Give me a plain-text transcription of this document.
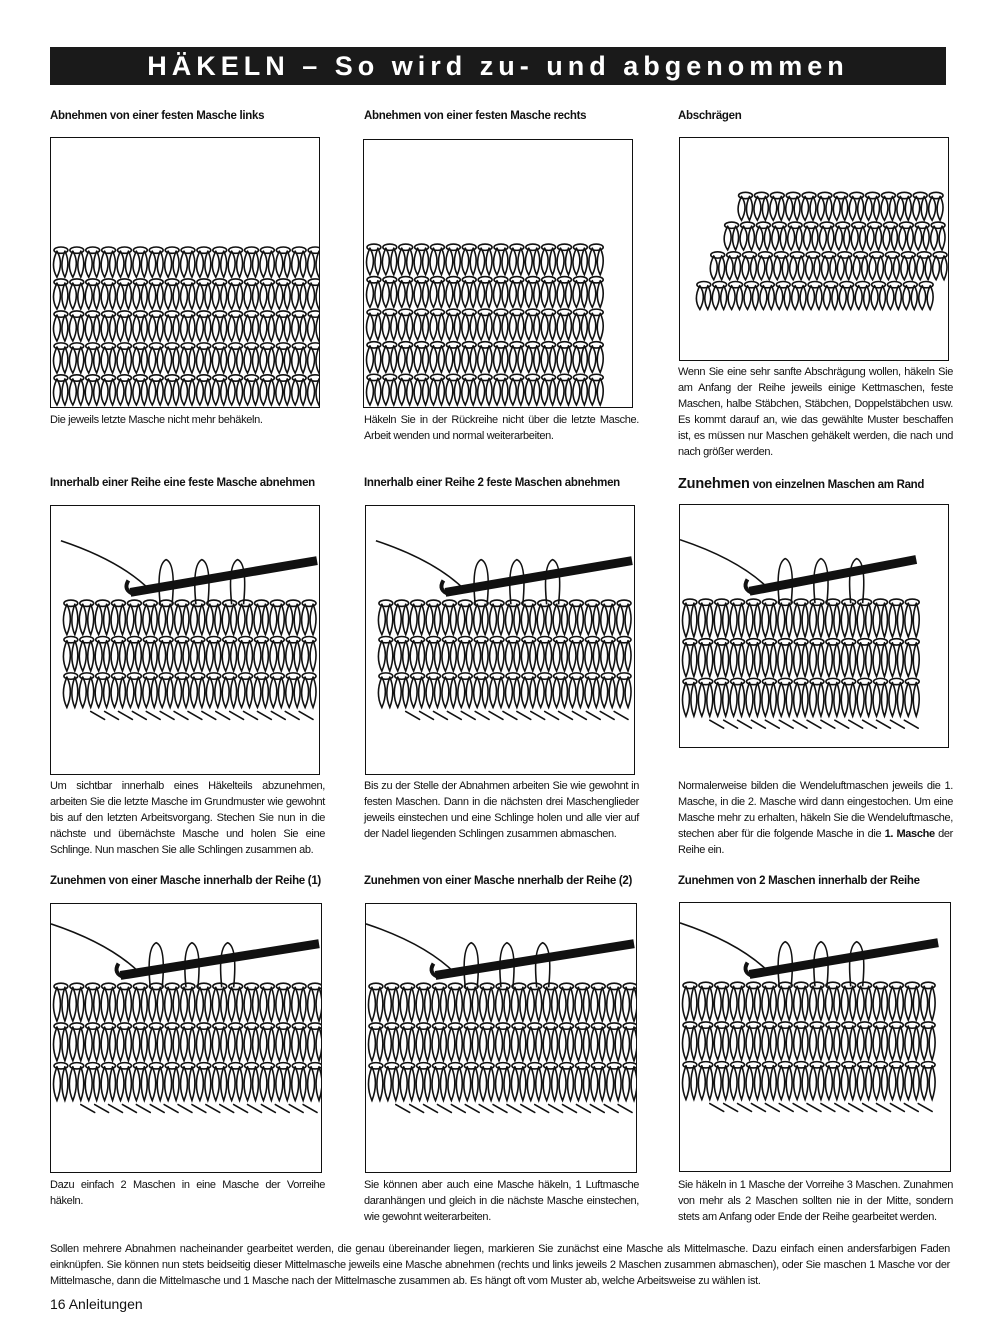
HÄKELN – So wird zu- und abgenommen
Abnehmen von einer festen Masche links
Die jeweils letzte Masche nicht mehr behäkeln.
Abnehmen von einer festen Masche rechts
Häkeln Sie in der Rückreihe nicht über die letzte Masche. Arbeit wenden und normal weiterarbeiten.
Abschrägen
Wenn Sie eine sehr sanfte Abschrägung wollen, häkeln Sie am Anfang der Reihe jeweils einige Kettmaschen, feste Maschen, halbe Stäbchen, Stäbchen, Doppelstäbchen usw. Es kommt darauf an, wie das gewählte Muster beschaffen ist, es müssen nur Maschen gehäkelt werden, die nach und nach größer werden.
Innerhalb einer Reihe eine feste Masche abnehmen
Um sichtbar innerhalb eines Häkelteils abzunehmen, arbeiten Sie die letzte Masche im Grundmuster wie gewohnt bis auf den letzten Arbeitsvorgang. Stechen Sie nun in die nächste und übernächste Masche und holen Sie eine Schlinge. Nun maschen Sie alle Schlingen zusammen ab.
Innerhalb einer Reihe 2 feste Maschen abnehmen
Bis zu der Stelle der Abnahmen arbeiten Sie wie gewohnt in festen Maschen. Dann in die nächsten drei Maschenglieder jeweils einstechen und eine Schlinge holen und alle vier auf der Nadel liegenden Schlingen zusammen abmaschen.
Zunehmen von einzelnen Maschen am Rand
Normalerweise bilden die Wendeluftmaschen jeweils die 1. Masche, in die 2. Masche wird dann eingestochen. Um eine Masche mehr zu erhalten, häkeln Sie die Wendeluftmasche, stechen aber für die folgende Masche in die 1. Masche der Reihe ein.
Zunehmen von einer Masche innerhalb der Reihe (1)
Dazu einfach 2 Maschen in eine Masche der Vorreihe häkeln.
Zunehmen von einer Masche nnerhalb der Reihe (2)
Sie können aber auch eine Masche häkeln, 1 Luftmasche daranhängen und gleich in die nächste Masche einstechen, wie gewohnt weiterarbeiten.
Zunehmen von 2 Maschen innerhalb der Reihe
Sie häkeln in 1 Masche der Vorreihe 3 Maschen. Zunahmen von mehr als 2 Maschen sollten nie in der Mitte, sondern stets am Anfang oder Ende der Reihe gearbeitet werden.
Sollen mehrere Abnahmen nacheinander gearbeitet werden, die genau übereinander liegen, markieren Sie zunächst eine Masche als Mittelmasche. Dazu einfach einen andersfarbigen Faden einknüpfen. Sie können nun stets beidseitig dieser Mittelmasche jeweils eine Masche abnehmen (rechts und links jeweils 2 Maschen zusammen abmaschen), oder Sie maschen 1 Masche vor der Mittelmasche, dann die Mittelmasche und 1 Masche nach der Mittelmasche zusammen ab. Es hängt oft vom Muster ab, welche Arbeitsweise zu wählen ist.
16 Anleitungen
